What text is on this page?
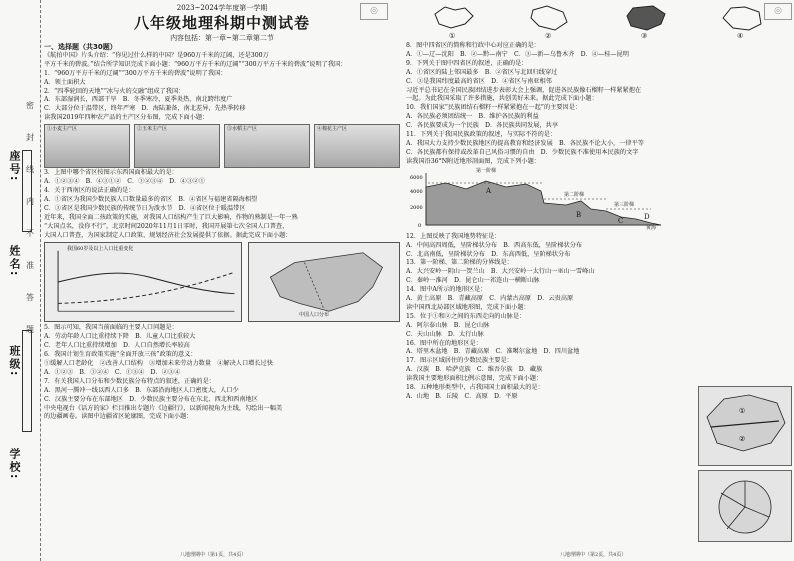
学校:
班级:
姓名:
座号:
密
封
线
内
不
准
答
题
◎	◎
2023~2024学年度第一学期
八年级地理科期中测试卷
内容包括：第一章~第二章第二节

一、选择题（共30题）

《航拍中国》片头介绍：“你见过什么样的中国？是960万千米的辽阔，还是300万

平方千米的碧波。”结合所学知识完成下面小题：“960万平方千米的辽阔”“300万平方千米的碧波”说明了我国：

1．“960万平方千米的辽阔”“300万平方千米的碧波”说明了我国：

A．领土面积大

2．“四季轮回的天地”“冰与火的交融”组成了我国：

A．东部湿润长，西部干旱　B．冬季寒冷，夏季炎热，南北跨纬度广

C．大部分位于温带区，终年严寒　D．海陆兼备，南北差异，先热季转移

读我国2019年四种农产品的主产区分布图，完成下面小题：

①小麦主产区	②玉米主产区	③水稻主产区	④棉花主产区

3．上图中哪个省区按图示东西国面积最大的是：

A．①②③④　B．④③①②　C．①②③④　D．④③②①

4．关于西南区的说法正确的是：

A．①省区为我国少数民族人口数量最多的省区　B．④省区与福建省隔海相望

C．③省区是我国少数民族的传统节日为泼水节　D．④省区位于暖温带区

近年来，我国全面二孩政策的实施，对我国人口结构产生了巨大影响，作物的熟制是一年一熟

“大国点名，没你不行”，北京时间2020年11月1日零时，我国开展第七次全国人口普查，

大国人口普查，为国家制定人口政策、规划经济社会发展提供了依据。据此完成下面小题：

我国60岁及以上人口比重变化
中国人口分布

5．图示可知，我国当前面临的主要人口问题是：

A．劳动年龄人口比重持续下降　B．儿童人口比重较大

C．老年人口比重持续增加　D．人口自然增长率较高

6．我国计划生育政策实施“全面开放三孩”政策的意义：

①缓解人口老龄化　②改善人口结构　③增加未来劳动力数量　④解决人口增长过快

A．①②③　B．①②④　C．①③④　D．②③④

7．有关我国人口分布和少数民族分布特点的叙述，正确的是：

A．黑河一腾冲一线以西人口多　B．东部沿海地区人口密度大，人口少

C．汉族主要分布在东部地区　D．少数民族主要分布在东北、西北和西南地区

中央电视台《话方的家》栏目推出专题片《边疆行》，以新闻视角为主线，勾绘出一幅美

的边疆画卷。读图中边疆省区轮廓图，完成下面小题：

八地理期中（第1页，共4页）
①	②	③	④

8．图中四省区的简称和行政中心对应正确的是：

A．①—辽—沈阳　B．②—黔—南宁　C．③—新—乌鲁木齐　D．④—桂—昆明

9．下列关于图中四省区的叙述，正确的是：

A．①省区的陆上邻国最多　B．②省区与北回归线穿过

C．③是我国纬度最高的省区　D．④省区与南亚相邻

习近平总书记在全国民族团结进步表彰大会上强调，促进各民族像石榴籽一样紧紧抱在

一起。为此我国采取了许多措施，共创美好未来。据此完成下面小题：

10．我们国家“民族团结石榴籽一样紧紧抱在一起”的主要因是：

A．各民族必须团结统一　B．维护各民族的利益

C．各民族要成为一个民族　D．各民族共同发展，共享

11．下列关于我国民族政策的叙述，与实际不符的是：

A．我国大力支持少数民族地区的提高教育和经济发展　B．各民族不论大小，一律平等

C．各民族都有保持或改革自己风俗习惯的自由　D．少数民族不准使用本民族的文字

读我国沿36°N附近地形剖面图，完成下列小题：

6000
4000
2000
0
第一阶梯
第二阶梯
第三阶梯
A
B
C	D
黄海

12．上图反映了我国地势特征是：

A．中间高四周低，呈阶梯状分布　B．西高东低，呈阶梯状分布

C．北高南低，呈阶梯状分布　D．东高西低，呈阶梯状分布

13．第一阶梯、第二阶梯的分界线是：

A．大兴安岭一阴山一贺兰山　B．大兴安岭一太行山一巫山一雪峰山

C．秦岭一淮河　D．昆仑山一祁连山一横断山脉

14．图中A所示的地形区是：

A．黄土高原　B．青藏高原　C．内蒙古高原　D．云贵高原

读中国西北局部区域地形图，完成下面小题：

15．位于①和②之间的东西走向的山脉是：

A．阿尔泰山脉　B．昆仑山脉

C．天山山脉　D．太行山脉

16．图中所在的地形区是：

A．塔里木盆地　B．青藏高原　C．准噶尔盆地　D．四川盆地

17．图示区域居住的少数民族主要是：

A．汉族　B．哈萨克族　C．维吾尔族　D．藏族

读我国主要地形面积比例示意图，完成下面小题：

18．五种地形类型中，占我国国土面积最大的是：

A．山地　B．丘陵　C．高原　D．平原

①
②
八地理期中（第2页，共4页）
